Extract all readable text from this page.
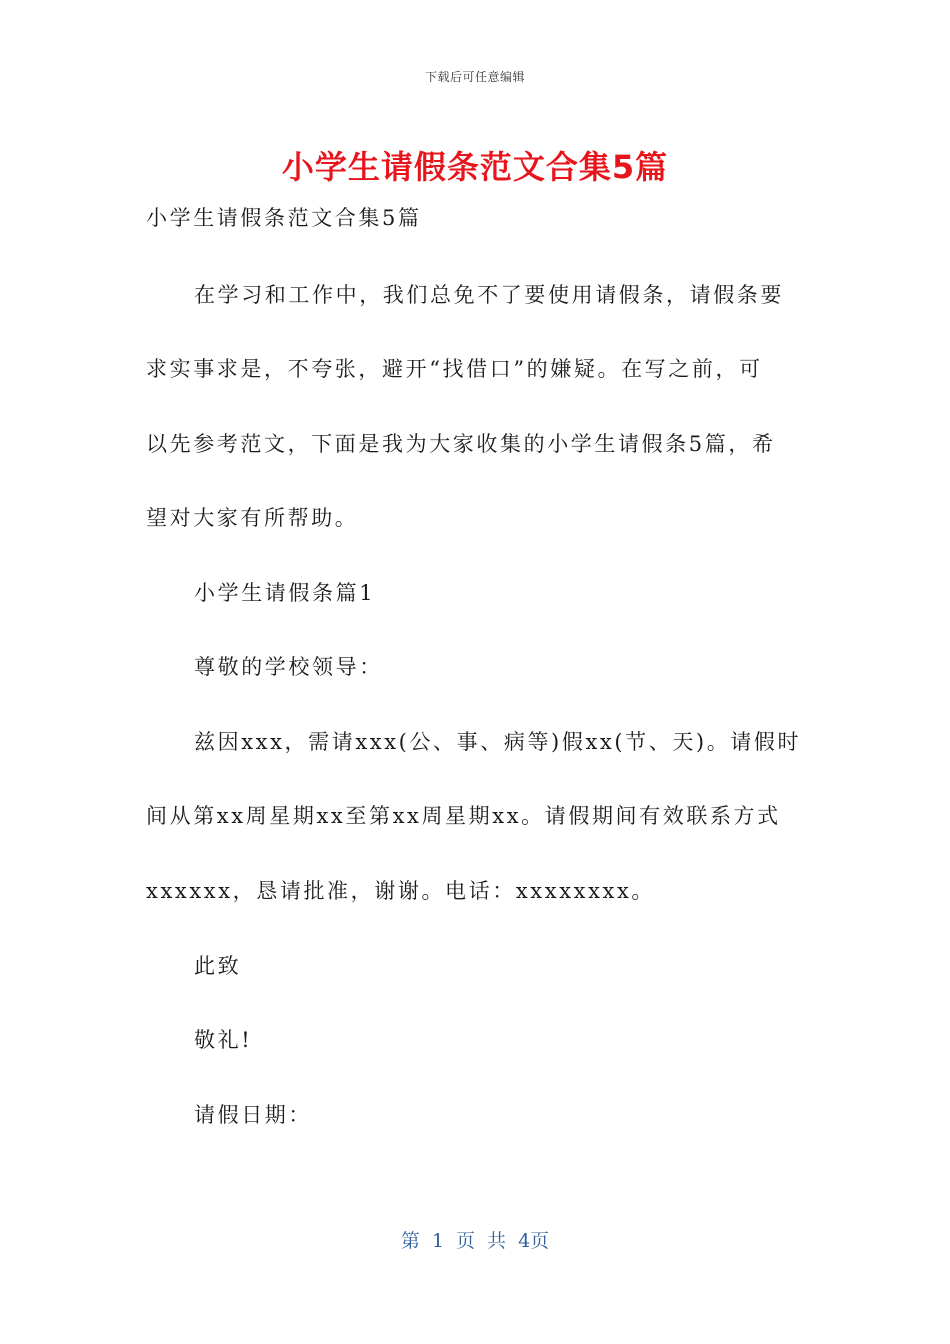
下载后可任意编辑
小学生请假条范文合集5篇
小学生请假条范文合集5篇
在学习和工作中，我们总免不了要使用请假条，请假条要
求实事求是，不夸张，避开“找借口”的嫌疑。在写之前，可
以先参考范文，下面是我为大家收集的小学生请假条5篇，希
望对大家有所帮助。
小学生请假条篇1
尊敬的学校领导：
兹因xxx，需请xxx(公、事、病等)假xx(节、天)。请假时
间从第xx周星期xx至第xx周星期xx。请假期间有效联系方式
xxxxxx，恳请批准，谢谢。电话：xxxxxxxx。
此致
敬礼!
请假日期：
第 1 页 共 4页
